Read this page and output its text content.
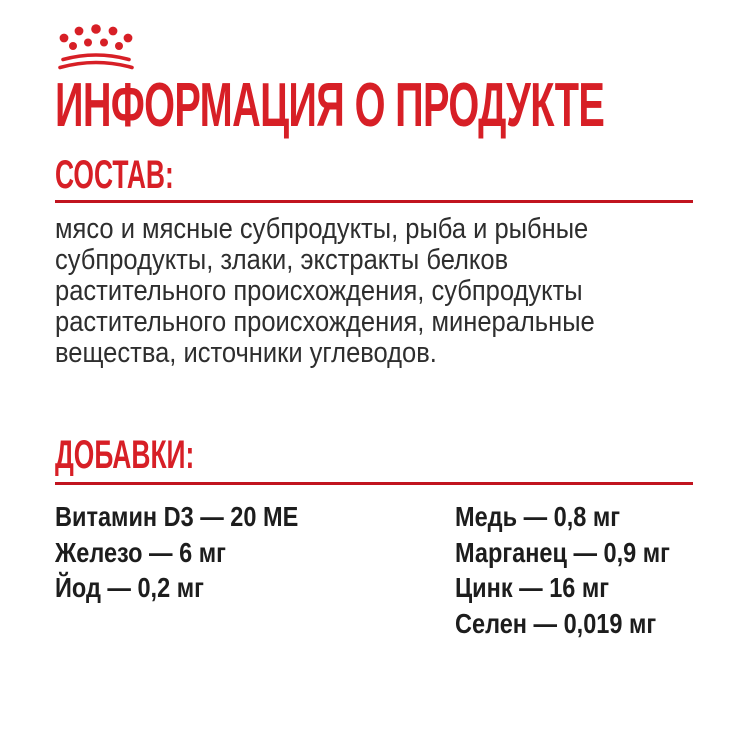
ИНФОРМАЦИЯ О ПРОДУКТЕ
СОСТАВ:
мясо и мясные субпродукты, рыба и рыбные
субпродукты, злаки, экстракты белков
растительного происхождения, субпродукты
растительного происхождения, минеральные
вещества, источники углеводов.
ДОБАВКИ:
Витамин D3 — 20 МЕ
Железо — 6 мг
Йод — 0,2 мг
Медь — 0,8 мг
Марганец — 0,9 мг
Цинк — 16 мг
Селен — 0,019 мг
